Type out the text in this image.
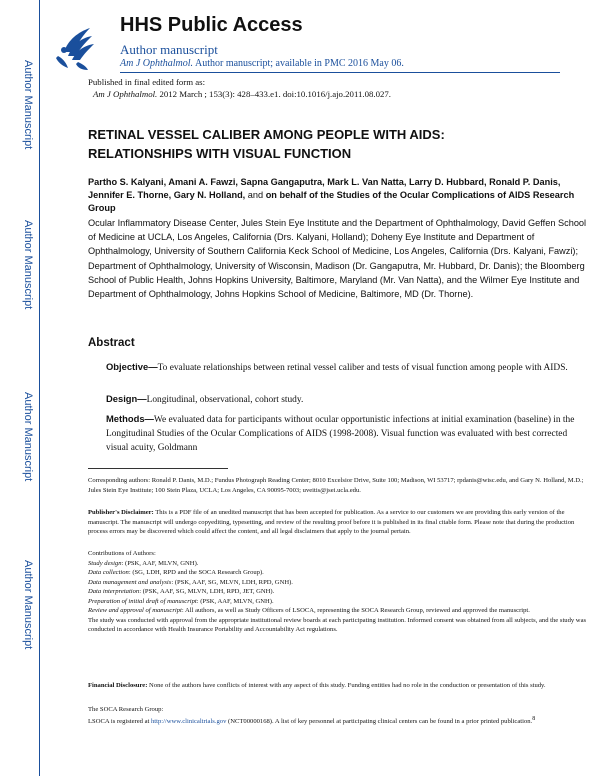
Author Manuscript
Author Manuscript
Author Manuscript
Author Manuscript
HHS Public Access
Author manuscript
Am J Ophthalmol. Author manuscript; available in PMC 2016 May 06.
Published in final edited form as:
Am J Ophthalmol. 2012 March ; 153(3): 428–433.e1. doi:10.1016/j.ajo.2011.08.027.
RETINAL VESSEL CALIBER AMONG PEOPLE WITH AIDS:
RELATIONSHIPS WITH VISUAL FUNCTION
Partho S. Kalyani, Amani A. Fawzi, Sapna Gangaputra, Mark L. Van Natta, Larry D. Hubbard, Ronald P. Danis, Jennifer E. Thorne, Gary N. Holland, and on behalf of the Studies of the Ocular Complications of AIDS Research Group
Ocular Inflammatory Disease Center, Jules Stein Eye Institute and the Department of Ophthalmology, David Geffen School of Medicine at UCLA, Los Angeles, California (Drs. Kalyani, Holland); Doheny Eye Institute and Department of Ophthalmology, University of Southern California Keck School of Medicine, Los Angeles, California (Drs. Kalyani, Fawzi); Department of Ophthalmology, University of Wisconsin, Madison (Dr. Gangaputra, Mr. Hubbard, Dr. Danis); the Bloomberg School of Public Health, Johns Hopkins University, Baltimore, Maryland (Mr. Van Natta), and the Wilmer Eye Institute and Department of Ophthalmology, Johns Hopkins School of Medicine, Baltimore, MD (Dr. Thorne).
Abstract
Objective—To evaluate relationships between retinal vessel caliber and tests of visual function among people with AIDS.
Design—Longitudinal, observational, cohort study.
Methods—We evaluated data for participants without ocular opportunistic infections at initial examination (baseline) in the Longitudinal Studies of the Ocular Complications of AIDS (1998-2008). Visual function was evaluated with best corrected visual acuity, Goldmann
Corresponding authors: Ronald P. Danis, M.D.; Fundus Photograph Reading Center; 8010 Excelsior Drive, Suite 100; Madison, WI 53717; rpdanis@wisc.edu, and Gary N. Holland, M.D.; Jules Stein Eye Institute; 100 Stein Plaza, UCLA; Los Angeles, CA 90095-7003; uveitis@jsei.ucla.edu.
Publisher's Disclaimer: This is a PDF file of an unedited manuscript that has been accepted for publication. As a service to our customers we are providing this early version of the manuscript. The manuscript will undergo copyediting, typesetting, and review of the resulting proof before it is published in its final citable form. Please note that during the production process errors may be discovered which could affect the content, and all legal disclaimers that apply to the journal pertain.
Contributions of Authors:
Study design: (PSK, AAF, MLVN, GNH).
Data collection: (SG, LDH, RPD and the SOCA Research Group).
Data management and analysis: (PSK, AAF, SG, MLVN, LDH, RPD, GNH).
Data interpretation: (PSK, AAF, SG, MLVN, LDH, RPD, JET, GNH).
Preparation of initial draft of manuscript: (PSK, AAF, MLVN, GNH).
Review and approval of manuscript: All authors, as well as Study Officers of LSOCA, representing the SOCA Research Group, reviewed and approved the manuscript.
The study was conducted with approval from the appropriate institutional review boards at each participating institution. Informed consent was obtained from all subjects, and the study was conducted in accordance with Health Insurance Portability and Accountability Act regulations.
Financial Disclosure: None of the authors have conflicts of interest with any aspect of this study. Funding entities had no role in the conduction or presentation of this study.
The SOCA Research Group:
LSOCA is registered at http://www.clinicaltrials.gov (NCT00000168). A list of key personnel at participating clinical centers can be found in a prior printed publication.$^8$
